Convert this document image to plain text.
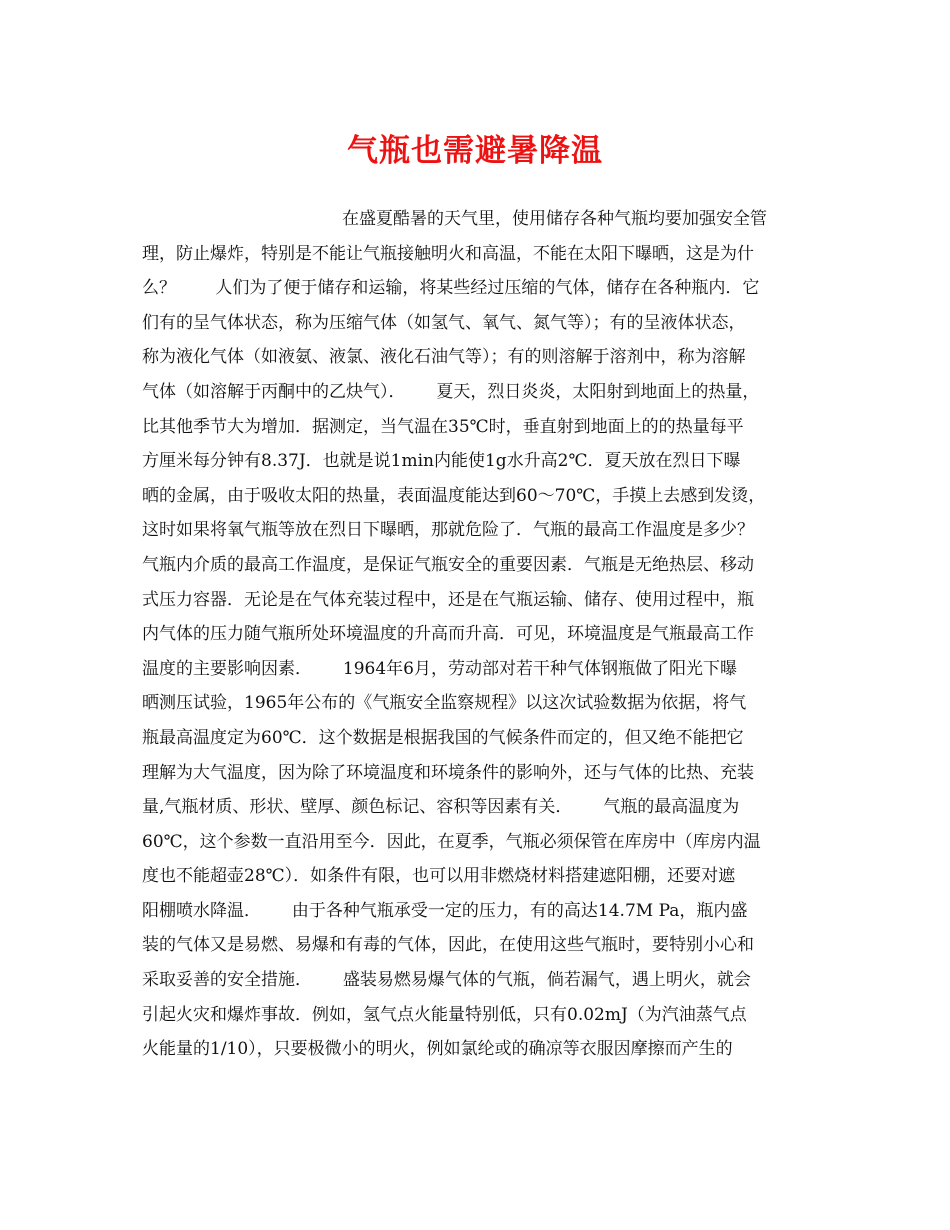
气瓶也需避暑降温
在盛夏酷暑的天气里，使用储存各种气瓶均要加强安全管
理，防止爆炸，特别是不能让气瓶接触明火和高温，不能在太阳下曝晒，这是为什
么？　　 人们为了便于储存和运输，将某些经过压缩的气体，储存在各种瓶内．它
们有的呈气体状态，称为压缩气体（如氢气、氧气、氮气等）；有的呈液体状态，
称为液化气体（如液氨、液氯、液化石油气等）；有的则溶解于溶剂中，称为溶解
气体（如溶解于丙酮中的乙炔气）．　　 夏天，烈日炎炎，太阳射到地面上的热量，
比其他季节大为增加．据测定，当气温在35℃时，垂直射到地面上的的热量每平
方厘米每分钟有8.37J．也就是说1min内能使1g水升高2℃．夏天放在烈日下曝
晒的金属，由于吸收太阳的热量，表面温度能达到60～70℃，手摸上去感到发烫，
这时如果将氧气瓶等放在烈日下曝晒，那就危险了．气瓶的最高工作温度是多少？
气瓶内介质的最高工作温度，是保证气瓶安全的重要因素．气瓶是无绝热层、移动
式压力容器．无论是在气体充装过程中，还是在气瓶运输、储存、使用过程中，瓶
内气体的压力随气瓶所处环境温度的升高而升高．可见，环境温度是气瓶最高工作
温度的主要影响因素．　　 1964年6月，劳动部对若干种气体钢瓶做了阳光下曝
晒测压试验，1965年公布的《气瓶安全监察规程》以这次试验数据为依据，将气
瓶最高温度定为60℃．这个数据是根据我国的气候条件而定的，但又绝不能把它
理解为大气温度，因为除了环境温度和环境条件的影响外，还与气体的比热、充装
量,气瓶材质、形状、壁厚、颜色标记、容积等因素有关．　　 气瓶的最高温度为
60℃，这个参数一直沿用至今．因此，在夏季，气瓶必须保管在库房中（库房内温
度也不能超壶28℃）．如条件有限，也可以用非燃烧材料搭建遮阳棚，还要对遮
阳棚喷水降温．　　 由于各种气瓶承受一定的压力，有的高达14.7M Pa，瓶内盛
装的气体又是易燃、易爆和有毒的气体，因此，在使用这些气瓶时，要特别小心和
采取妥善的安全措施．　　 盛装易燃易爆气体的气瓶，倘若漏气，遇上明火，就会
引起火灾和爆炸事故．例如，氢气点火能量特别低，只有0.02mJ（为汽油蒸气点
火能量的1/10），只要极微小的明火，例如氯纶或的确凉等衣服因摩擦而产生的
